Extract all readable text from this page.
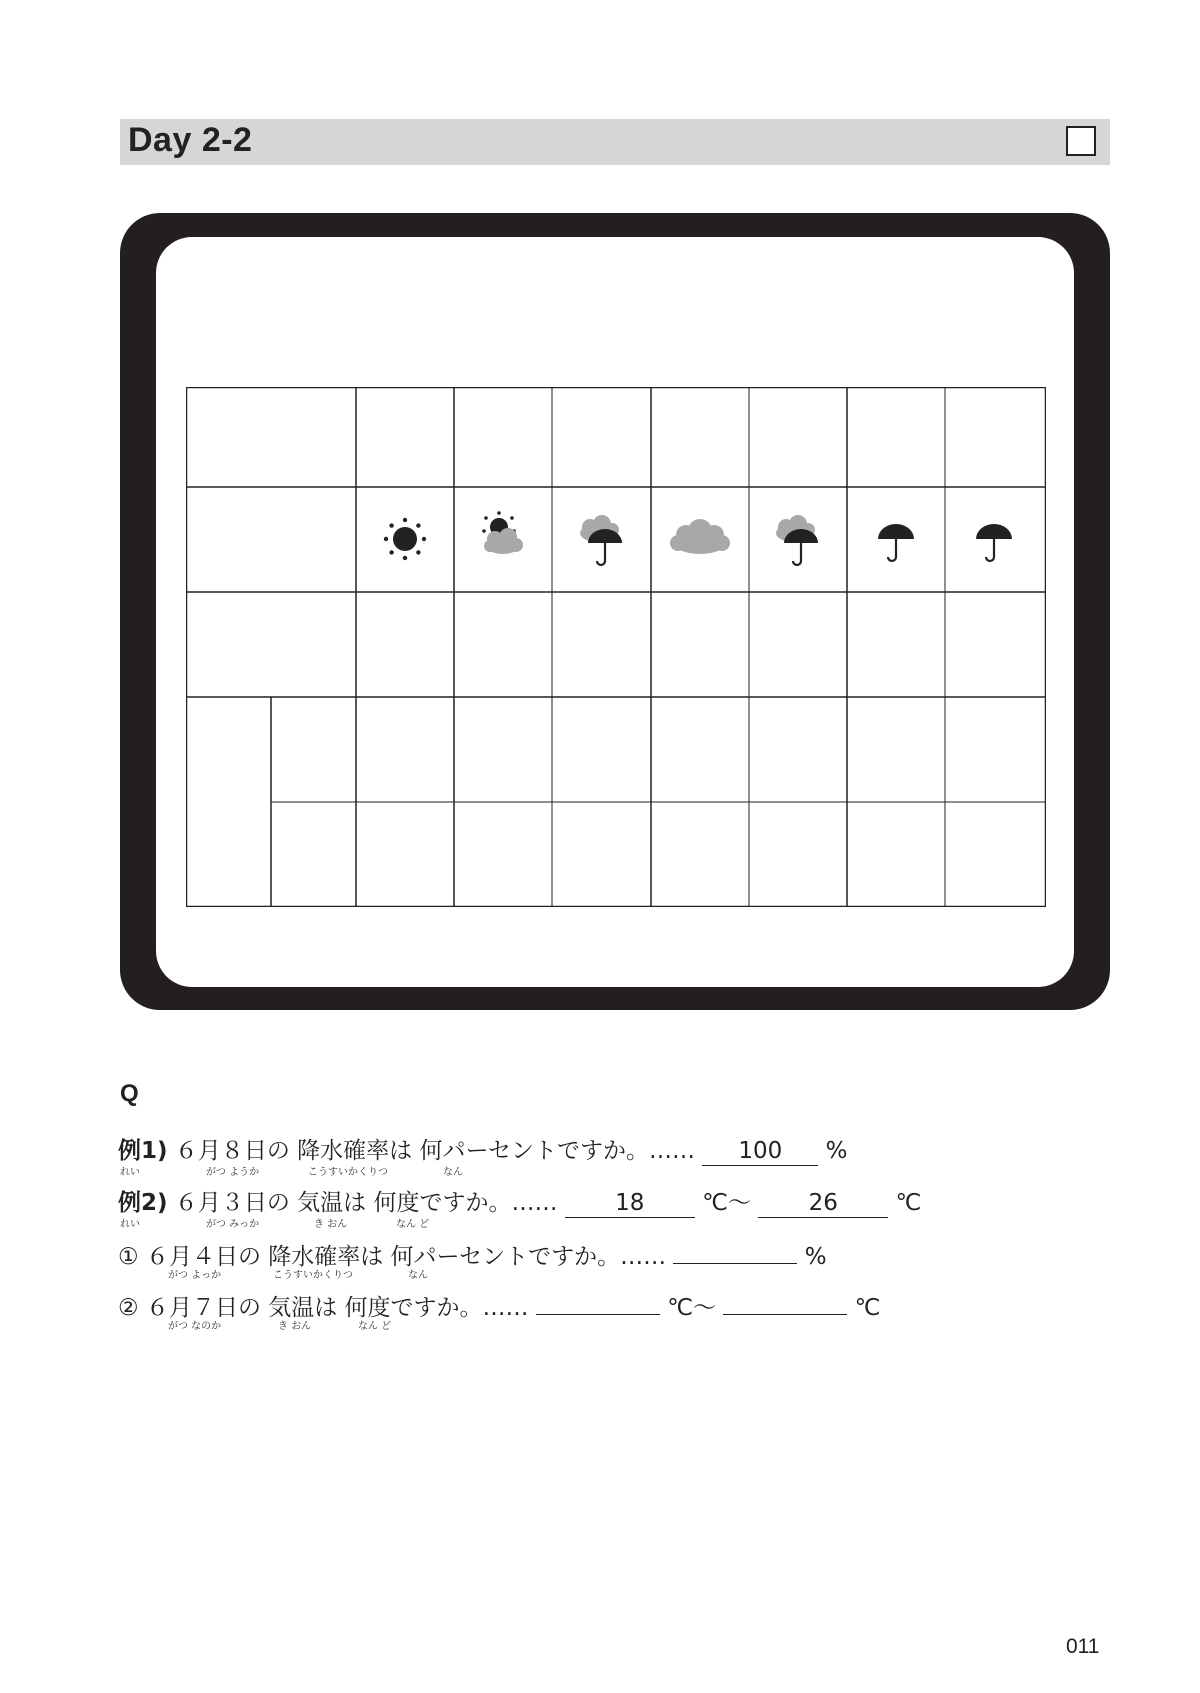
Day 2-2
Q
例1) ６月８日の 降水確率は 何パーセントですか。…… 100 %
れい	がつ ようか	こうすいかくりつ	なん
例2) ６月３日の 気温は 何度ですか。…… 18	℃〜	26	℃
れい	がつ みっか	き おん	なん ど
① ６月４日の 降水確率は 何パーセントですか。……	%
がつ よっか	こうすいかくりつ	なん
② ６月７日の 気温は 何度ですか。……	℃〜	℃
がつ なのか	き おん	なん ど
011
